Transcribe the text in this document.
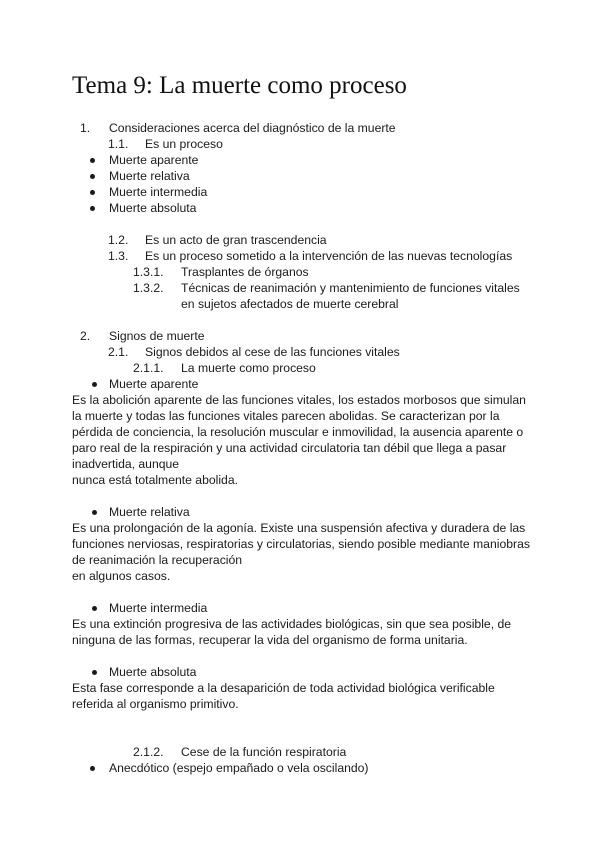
Tema 9: La muerte como proceso
1. Consideraciones acerca del diagnóstico de la muerte
1.1. Es un proceso
Muerte aparente
Muerte relativa
Muerte intermedia
Muerte absoluta
1.2. Es un acto de gran trascendencia
1.3. Es un proceso sometido a la intervención de las nuevas tecnologías
1.3.1. Trasplantes de órganos
1.3.2. Técnicas de reanimación y mantenimiento de funciones vitales
en sujetos afectados de muerte cerebral
2. Signos de muerte
2.1. Signos debidos al cese de las funciones vitales
2.1.1. La muerte como proceso
Muerte aparente
Es la abolición aparente de las funciones vitales, los estados morbosos que simulan
la muerte y todas las funciones vitales parecen abolidas. Se caracterizan por la
pérdida de conciencia, la resolución muscular e inmovilidad, la ausencia aparente o
paro real de la respiración y una actividad circulatoria tan débil que llega a pasar
inadvertida, aunque
nunca está totalmente abolida.
Muerte relativa
Es una prolongación de la agonía. Existe una suspensión afectiva y duradera de las
funciones nerviosas, respiratorias y circulatorias, siendo posible mediante maniobras
de reanimación la recuperación
en algunos casos.
Muerte intermedia
Es una extinción progresiva de las actividades biológicas, sin que sea posible, de
ninguna de las formas, recuperar la vida del organismo de forma unitaria.
Muerte absoluta
Esta fase corresponde a la desaparición de toda actividad biológica verificable
referida al organismo primitivo.
2.1.2. Cese de la función respiratoria
Anecdótico (espejo empañado o vela oscilando)
